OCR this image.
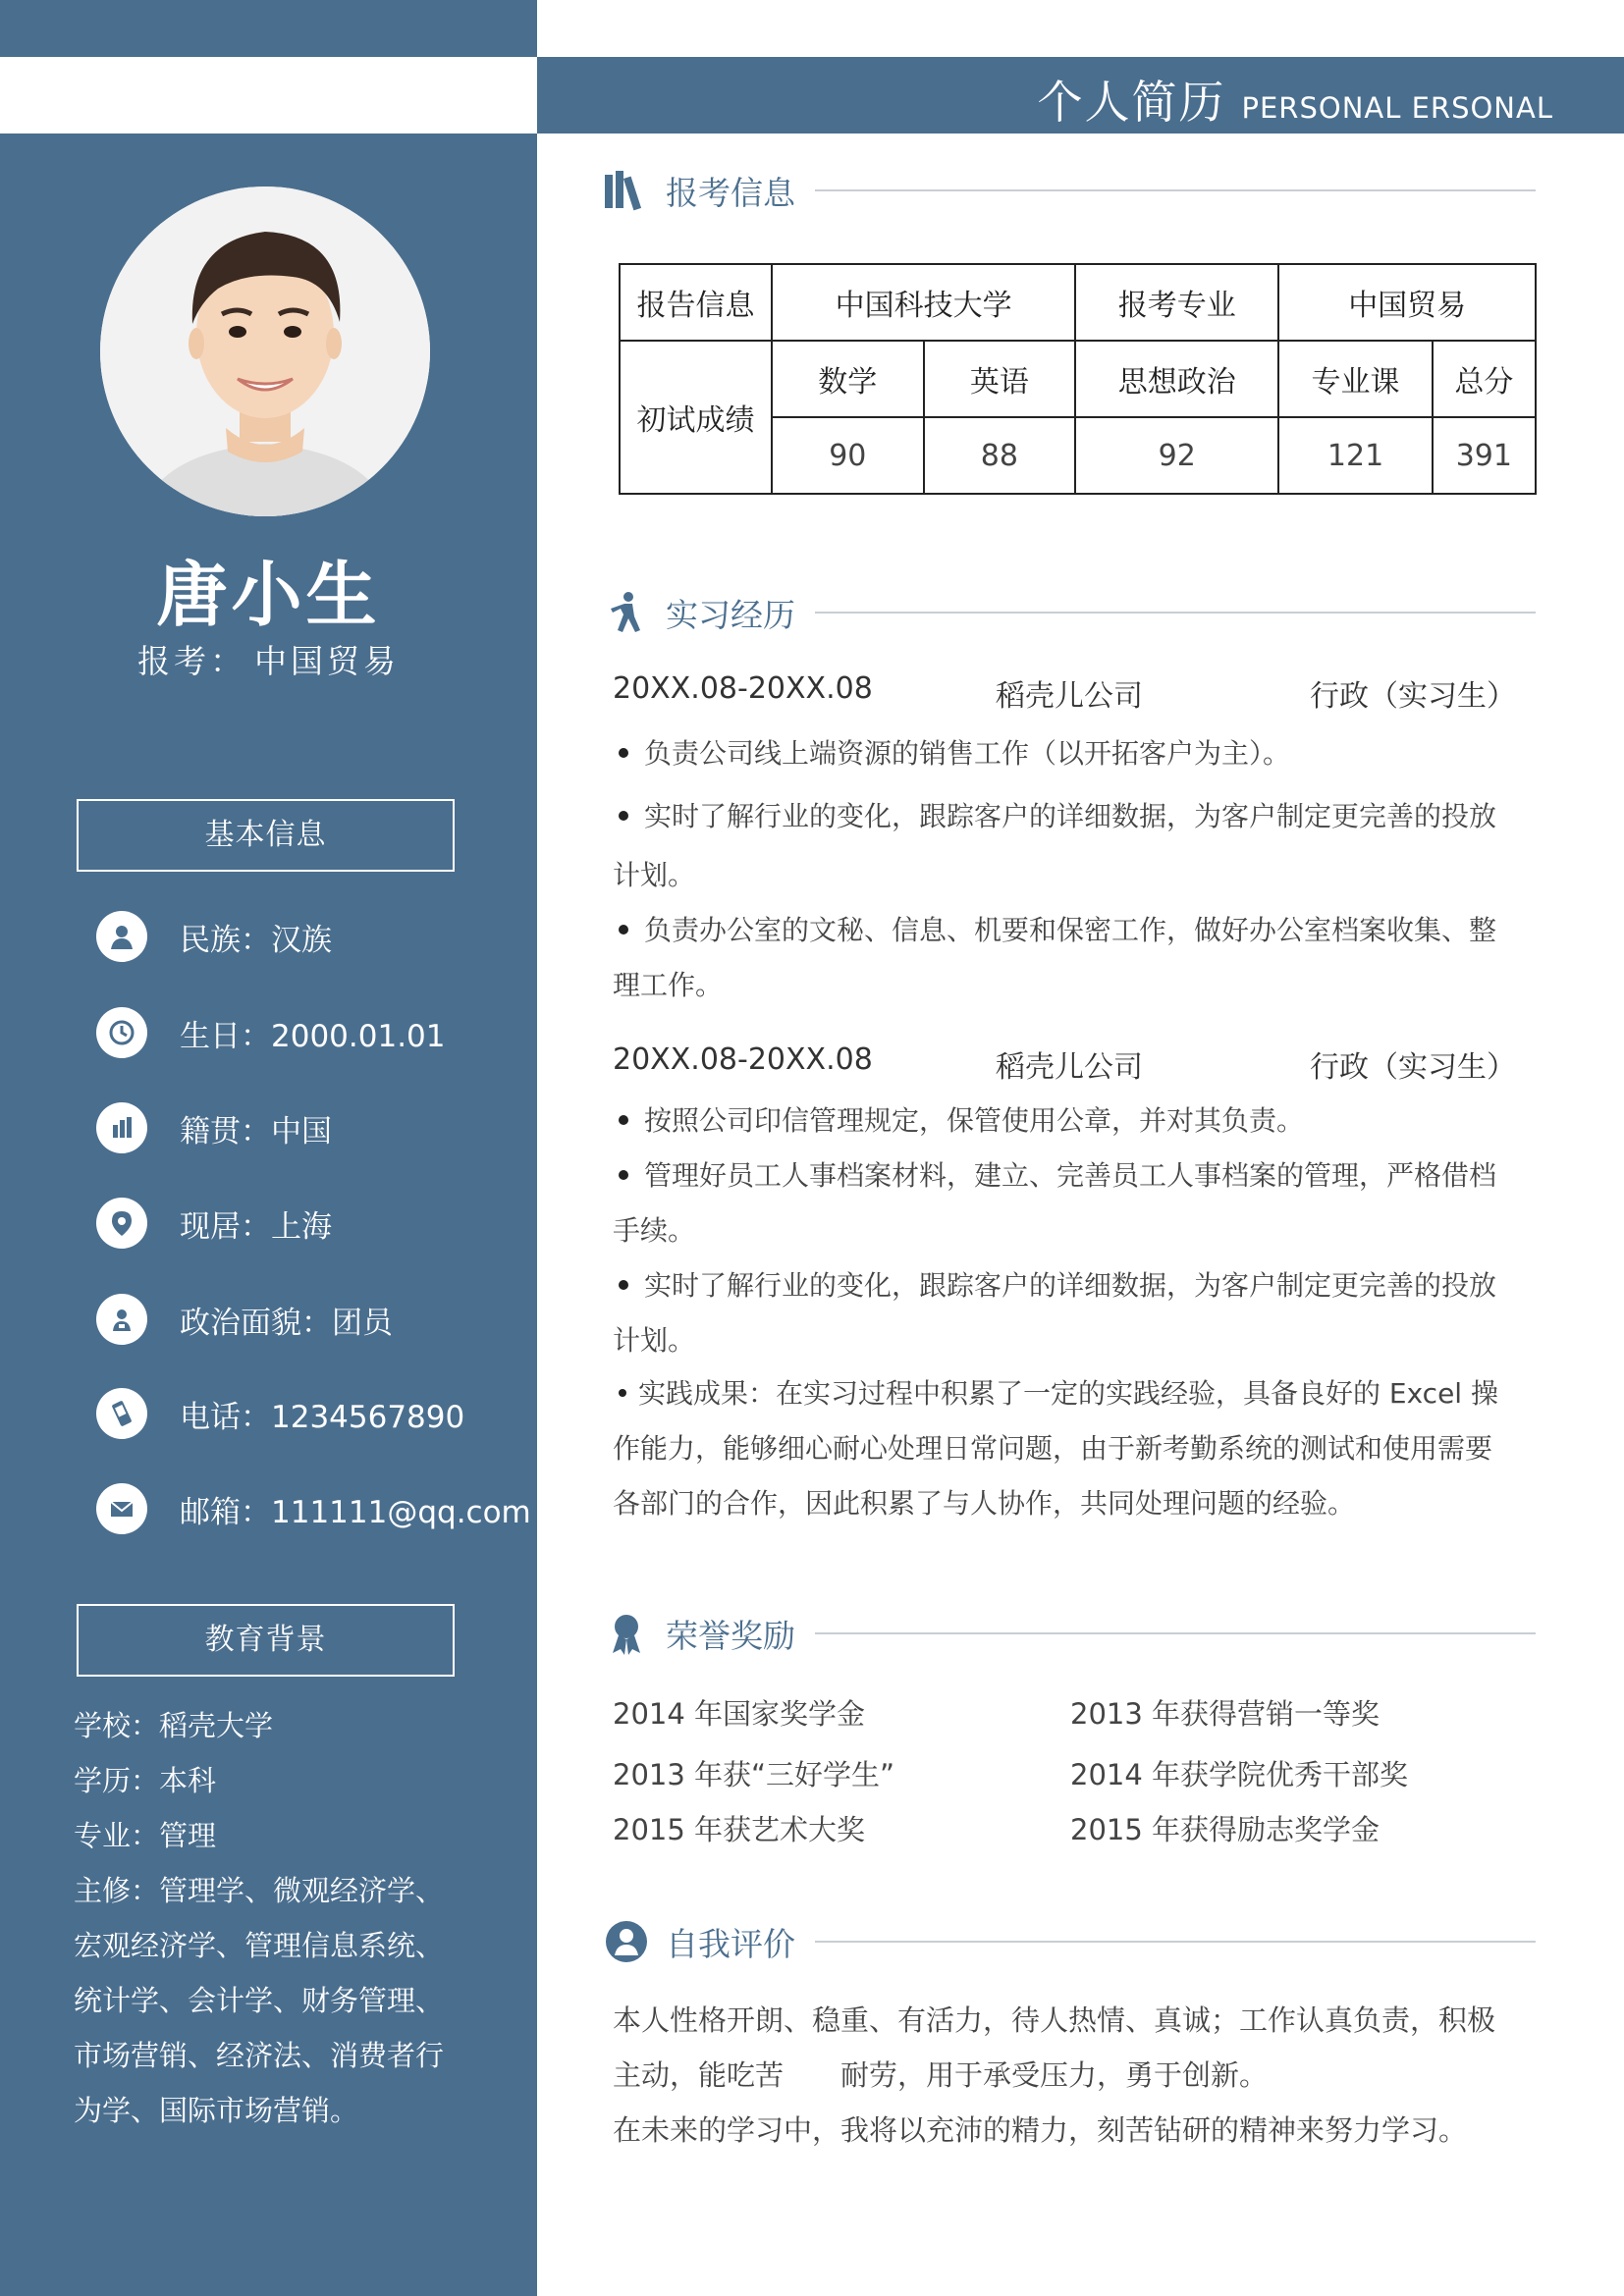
唐小生
报考： 中国贸易
基本信息
民族：汉族
生日：2000.01.01
籍贯：中国
现居：上海
政治面貌：团员
电话：1234567890
邮箱：111111@qq.com
教育背景
学校：稻壳大学
学历：本科
专业：管理
主修：管理学、微观经济学、
宏观经济学、管理信息系统、
统计学、会计学、财务管理、
市场营销、经济法、消费者行
为学、国际市场营销。
个人简历 PERSONAL ERSONAL
报考信息
报告信息	中国科技大学		报考专业	中国贸易	
初试成绩	数学	英语	思想政治	专业课	总分
	90	88	92	121	391
实习经历
20XX.08-20XX.08	稻壳儿公司	行政（实习生）
负责公司线上端资源的销售工作（以开拓客户为主）。
实时了解行业的变化，跟踪客户的详细数据，为客户制定更完善的投放计划。
负责办公室的文秘、信息、机要和保密工作，做好办公室档案收集、整理工作。
20XX.08-20XX.08	稻壳儿公司	行政（实习生）
按照公司印信管理规定，保管使用公章，并对其负责。
管理好员工人事档案材料，建立、完善员工人事档案的管理，严格借档手续。
实时了解行业的变化，跟踪客户的详细数据，为客户制定更完善的投放计划。
实践成果：在实习过程中积累了一定的实践经验，具备良好的 Excel 操作能力，能够细心耐心处理日常问题，由于新考勤系统的测试和使用需要各部门的合作，因此积累了与人协作，共同处理问题的经验。
荣誉奖励
2014 年国家奖学金	2013 年获得营销一等奖
2013 年获“三好学生”	2014 年获学院优秀干部奖
2015 年获艺术大奖	2015 年获得励志奖学金
自我评价
本人性格开朗、稳重、有活力，待人热情、真诚；工作认真负责，积极
主动，能吃苦　　耐劳，用于承受压力，勇于创新。
在未来的学习中，我将以充沛的精力，刻苦钻研的精神来努力学习。
